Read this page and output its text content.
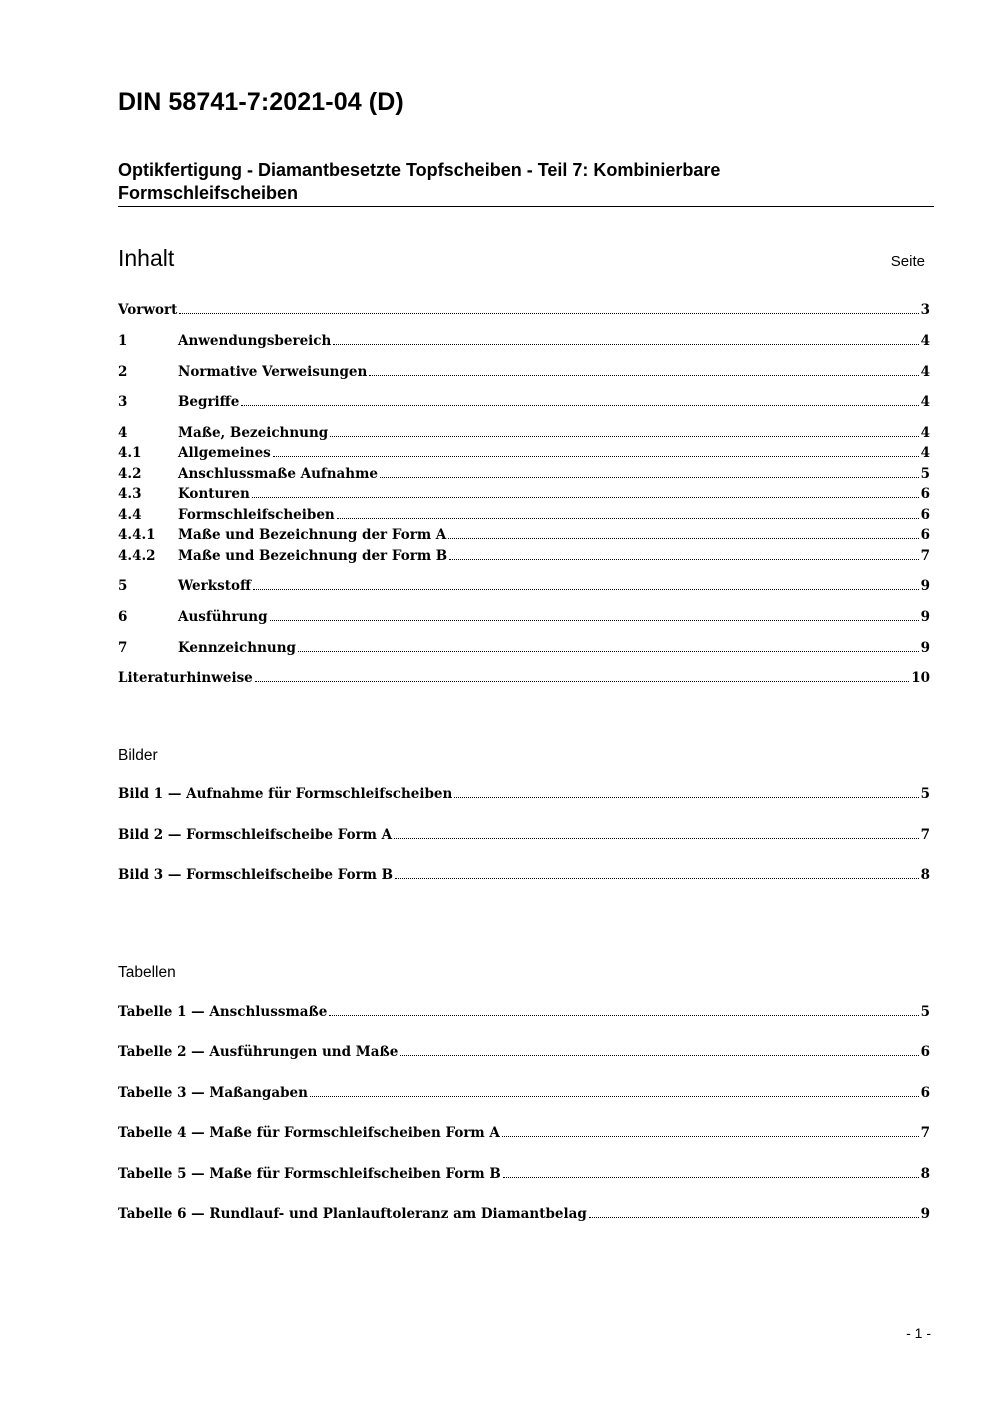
DIN 58741-7:2021-04 (D)
Optikfertigung - Diamantbesetzte Topfscheiben - Teil 7: Kombinierbare
Formschleifscheiben
Inhalt	Seite
Vorwort	3
1	Anwendungsbereich	4
2	Normative Verweisungen	4
3	Begriffe	4
4	Maße, Bezeichnung	4
4.1	Allgemeines	4
4.2	Anschlussmaße Aufnahme	5
4.3	Konturen	6
4.4	Formschleifscheiben	6
4.4.1	Maße und Bezeichnung der Form A	6
4.4.2	Maße und Bezeichnung der Form B	7
5	Werkstoff	9
6	Ausführung	9
7	Kennzeichnung	9
Literaturhinweise	10
Bilder
Bild 1 — Aufnahme für Formschleifscheiben	5
Bild 2 — Formschleifscheibe Form A	7
Bild 3 — Formschleifscheibe Form B	8
Tabellen
Tabelle 1 — Anschlussmaße	5
Tabelle 2 — Ausführungen und Maße	6
Tabelle 3 — Maßangaben	6
Tabelle 4 — Maße für Formschleifscheiben Form A	7
Tabelle 5 — Maße für Formschleifscheiben Form B	8
Tabelle 6 — Rundlauf- und Planlauftoleranz am Diamantbelag	9
- 1 -
